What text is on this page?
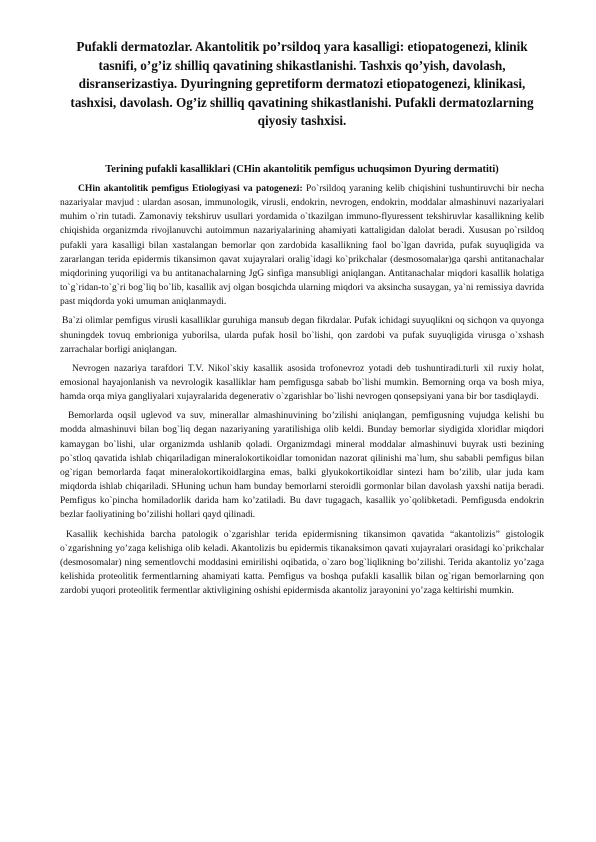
Pufakli dermatozlar. Akantolitik po’rsildoq yara kasalligi: etiopatogenezi, klinik tasnifi, o’g’iz shilliq qavatining shikastlanishi. Tashxis qo’yish, davolash, disranserizastiya. Dyuringning gepretiform dermatozi etiopatogenezi, klinikasi, tashxisi, davolash. Og’iz shilliq qavatining shikastlanishi. Pufakli dermatozlarning qiyosiy tashxisi.
Terining pufakli kasalliklari (CHin akantolitik pemfigus uchuqsimon Dyuring dermatiti)

CHin akantolitik pemfigus Etiologiyasi va patogenezi: Po`rsildoq yaraning kelib chiqishini tushuntiruvchi bir necha nazariyalar mavjud : ulardan asosan, immunologik, virusli, endokrin, nevrogen, endokrin, moddalar almashinuvi nazariyalari muhim o`rin tutadi. Zamonaviy tekshiruv usullari yordamida o`tkazilgan immuno-flyuressent tekshiruvlar kasallikning kelib chiqishida organizmda rivojlanuvchi autoimmun nazariyalarining ahamiyati kattaligidan dalolat beradi. Xususan po`rsildoq pufakli yara kasalligi bilan xastalangan bemorlar qon zardobida kasallikning faol bo`lgan davrida, pufak suyuqligida va zararlangan terida epidermis tikansimon qavat xujayralari oralig`idagi ko`prikchalar (desmosomalar)ga qarshi antitanachalar miqdorining yuqoriligi va bu antitanachalarning JgG sinfiga mansubligi aniqlangan. Antitanachalar miqdori kasallik holatiga to`g`ridan-to`g`ri bog`liq bo`lib, kasallik avj olgan bosqichda ularning miqdori va aksincha susaygan, ya`ni remissiya davrida past miqdorda yoki umuman aniqlanmaydi.

Ba`zi olimlar pemfigus virusli kasalliklar guruhiga mansub degan fikrdalar. Pufak ichidagi suyuqlikni oq sichqon va quyonga shuningdek tovuq embrioniga yuborilsa, ularda pufak hosil bo`lishi, qon zardobi va pufak suyuqligida virusga o`xshash zarrachalar borligi aniqlangan.

Nevrogen nazariya tarafdori T.V. Nikol`skiy kasallik asosida trofonevroz yotadi deb tushuntiradi.turli xil ruxiy holat, emosional hayajonlanish va nevrologik kasalliklar ham pemfigusga sabab bo`lishi mumkin. Bemorning orqa va bosh miya, hamda orqa miya gangliyalari xujayralarida degenerativ o`zgarishlar bo`lishi nevrogen qonsepsiyani yana bir bor tasdiqlaydi.

Bemorlarda oqsil uglevod va suv, minerallar almashinuvining bo’zilishi aniqlangan, pemfigusning vujudga kelishi bu modda almashinuvi bilan bog`liq degan nazariyaning yaratilishiga olib keldi. Bunday bemorlar siydigida xloridlar miqdori kamaygan bo`lishi, ular organizmda ushlanib qoladi. Organizmdagi mineral moddalar almashinuvi buyrak usti bezining po`stloq qavatida ishlab chiqariladigan mineralokortikoidlar tomonidan nazorat qilinishi ma`lum, shu sababli pemfigus bilan og`rigan bemorlarda faqat mineralokortikoidlargina emas, balki glyukokortikoidlar sintezi ham bo’zilib, ular juda kam miqdorda ishlab chiqariladi. SHuning uchun ham bunday bemorlarni steroidli gormonlar bilan davolash yaxshi natija beradi. Pemfigus ko`pincha homiladorlik darida ham ko’zatiladi. Bu davr tugagach, kasallik yo`qolibketadi. Pemfigusda endokrin bezlar faoliyatining bo’zilishi hollari qayd qilinadi.

Kasallik kechishida barcha patologik o`zgarishlar terida epidermisning tikansimon qavatida “akantolizis” gistologik o`zgarishning yo’zaga kelishiga olib keladi. Akantolizis bu epidermis tikanaksimon qavati xujayralari orasidagi ko`prikchalar (desmosomalar) ning sementlovchi moddasini emirilishi oqibatida, o`zaro bog`liqlikning bo’zilishi. Terida akantoliz yo’zaga kelishida proteolitik fermentlarning ahamiyati katta. Pemfigus va boshqa pufakli kasallik bilan og`rigan bemorlarning qon zardobi yuqori proteolitik fermentlar aktivligining oshishi epidermisda akantoliz jarayonini yo’zaga keltirishi mumkin.
